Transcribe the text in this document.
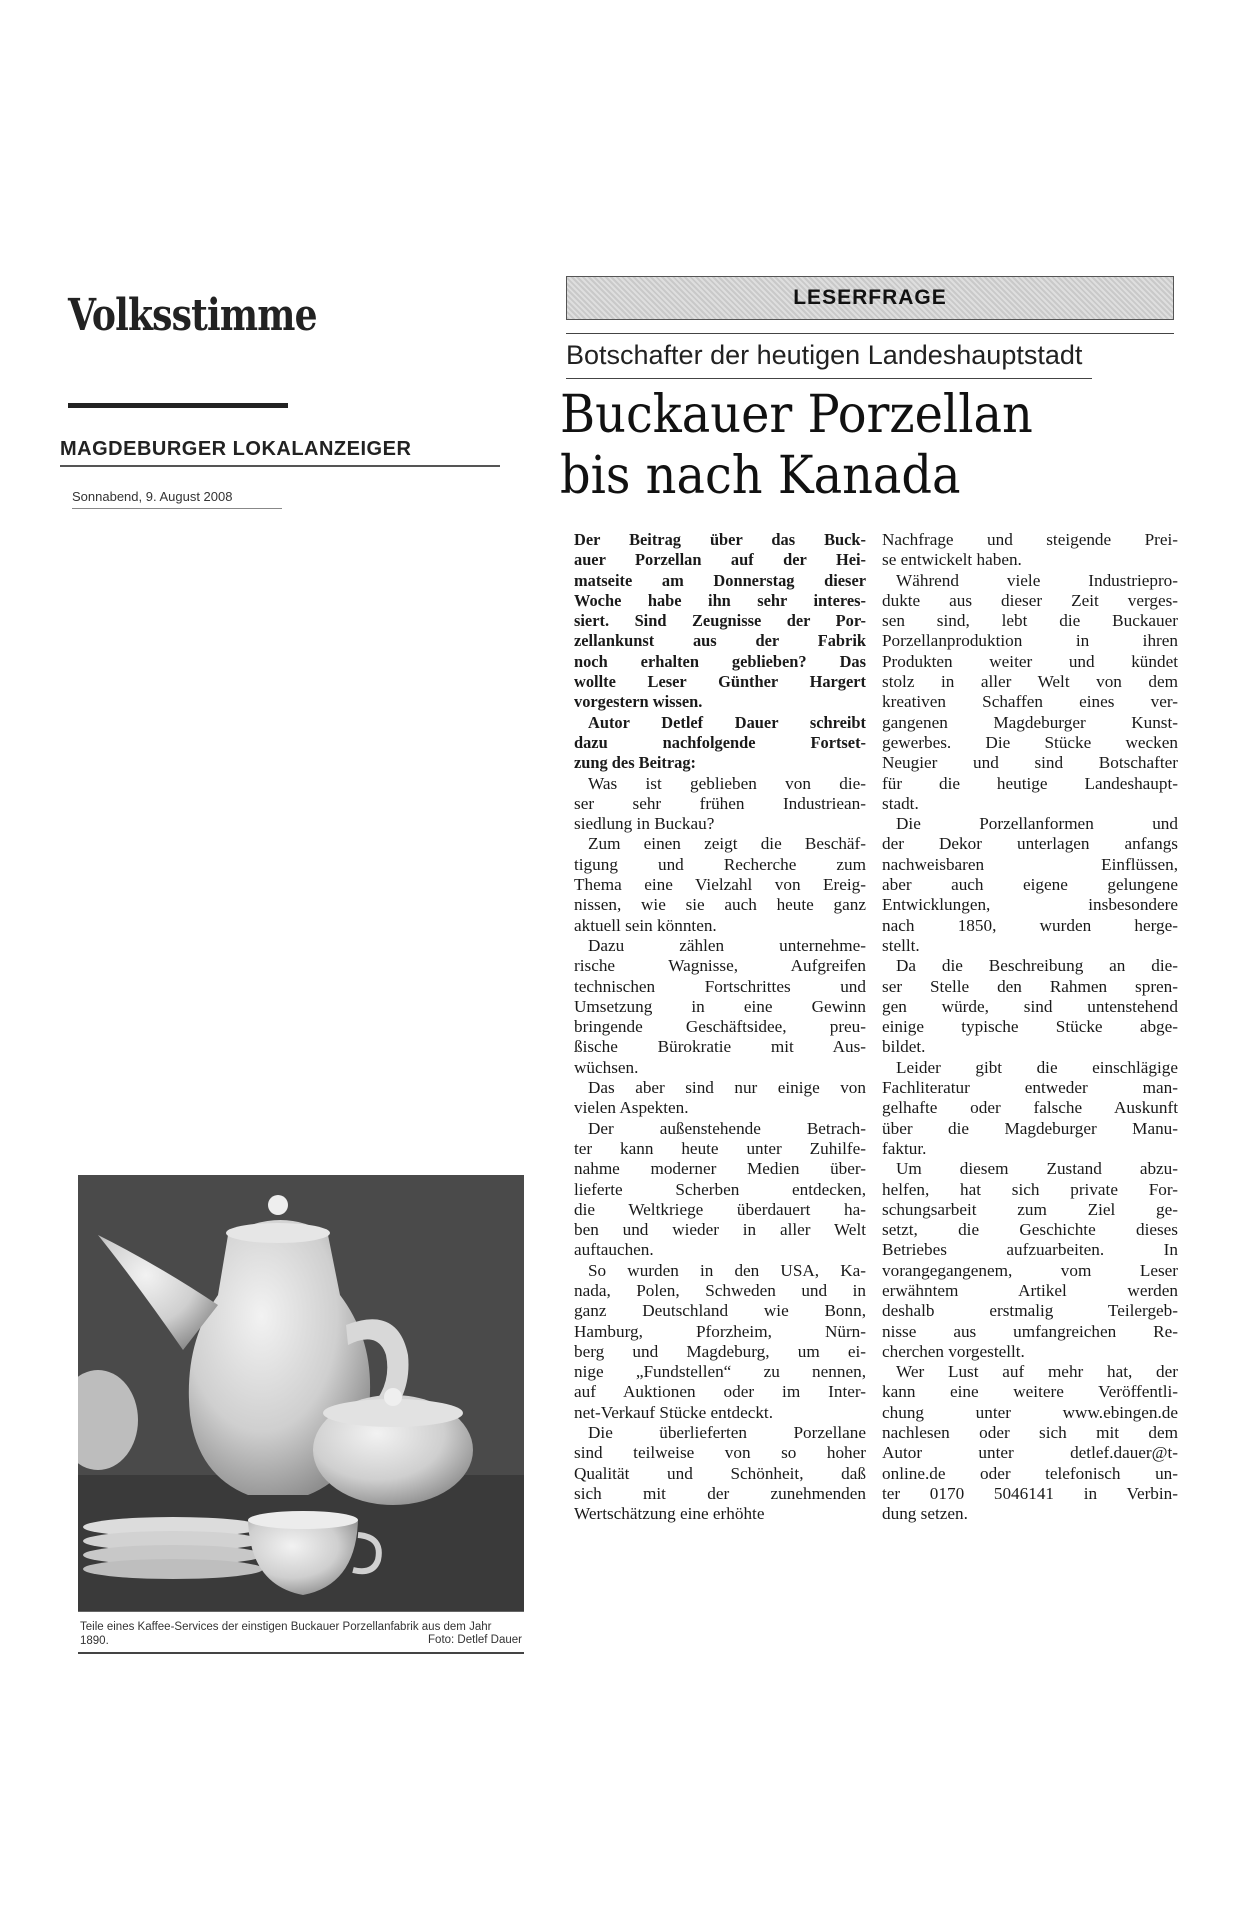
Volksstimme
MAGDEBURGER LOKALANZEIGER
Sonnabend, 9. August 2008
LESERFRAGE
Botschafter der heutigen Landeshauptstadt
Buckauer Porzellan
bis nach Kanada
Der Beitrag über das Buck-
auer Porzellan auf der Hei-
matseite am Donnerstag dieser
Woche habe ihn sehr interes-
siert. Sind Zeugnisse der Por-
zellankunst aus der Fabrik
noch erhalten geblieben? Das
wollte Leser Günther Hargert
vorgestern wissen.
Autor Detlef Dauer schreibt
dazu nachfolgende Fortset-
zung des Beitrag:
Was ist geblieben von die-
ser sehr frühen Industriean-
siedlung in Buckau?
Zum einen zeigt die Beschäf-
tigung und Recherche zum
Thema eine Vielzahl von Ereig-
nissen, wie sie auch heute ganz
aktuell sein könnten.
Dazu zählen unternehme-
rische Wagnisse, Aufgreifen
technischen Fortschrittes und
Umsetzung in eine Gewinn
bringende Geschäftsidee, preu-
ßische Bürokratie mit Aus-
wüchsen.
Das aber sind nur einige von
vielen Aspekten.
Der außenstehende Betrach-
ter kann heute unter Zuhilfe-
nahme moderner Medien über-
lieferte Scherben entdecken,
die Weltkriege überdauert ha-
ben und wieder in aller Welt
auftauchen.
So wurden in den USA, Ka-
nada, Polen, Schweden und in
ganz Deutschland wie Bonn,
Hamburg, Pforzheim, Nürn-
berg und Magdeburg, um ei-
nige „Fundstellen“ zu nennen,
auf Auktionen oder im Inter-
net-Verkauf Stücke entdeckt.
Die überlieferten Porzellane
sind teilweise von so hoher
Qualität und Schönheit, daß
sich mit der zunehmenden
Wertschätzung eine erhöhte
Nachfrage und steigende Prei-
se entwickelt haben.
Während viele Industriepro-
dukte aus dieser Zeit verges-
sen sind, lebt die Buckauer
Porzellanproduktion in ihren
Produkten weiter und kündet
stolz in aller Welt von dem
kreativen Schaffen eines ver-
gangenen Magdeburger Kunst-
gewerbes. Die Stücke wecken
Neugier und sind Botschafter
für die heutige Landeshaupt-
stadt.
Die Porzellanformen und
der Dekor unterlagen anfangs
nachweisbaren Einflüssen,
aber auch eigene gelungene
Entwicklungen, insbesondere
nach 1850, wurden herge-
stellt.
Da die Beschreibung an die-
ser Stelle den Rahmen spren-
gen würde, sind untenstehend
einige typische Stücke abge-
bildet.
Leider gibt die einschlägige
Fachliteratur entweder man-
gelhafte oder falsche Auskunft
über die Magdeburger Manu-
faktur.
Um diesem Zustand abzu-
helfen, hat sich private For-
schungsarbeit zum Ziel ge-
setzt, die Geschichte dieses
Betriebes aufzuarbeiten. In
vorangegangenem, vom Leser
erwähntem Artikel werden
deshalb erstmalig Teilergeb-
nisse aus umfangreichen Re-
cherchen vorgestellt.
Wer Lust auf mehr hat, der
kann eine weitere Veröffentli-
chung unter www.ebingen.de
nachlesen oder sich mit dem
Autor unter detlef.dauer@t-
online.de oder telefonisch un-
ter 0170 5046141 in Verbin-
dung setzen.
Teile eines Kaffee-Services der einstigen Buckauer Porzellanfabrik aus dem Jahr 1890.	Foto: Detlef Dauer
